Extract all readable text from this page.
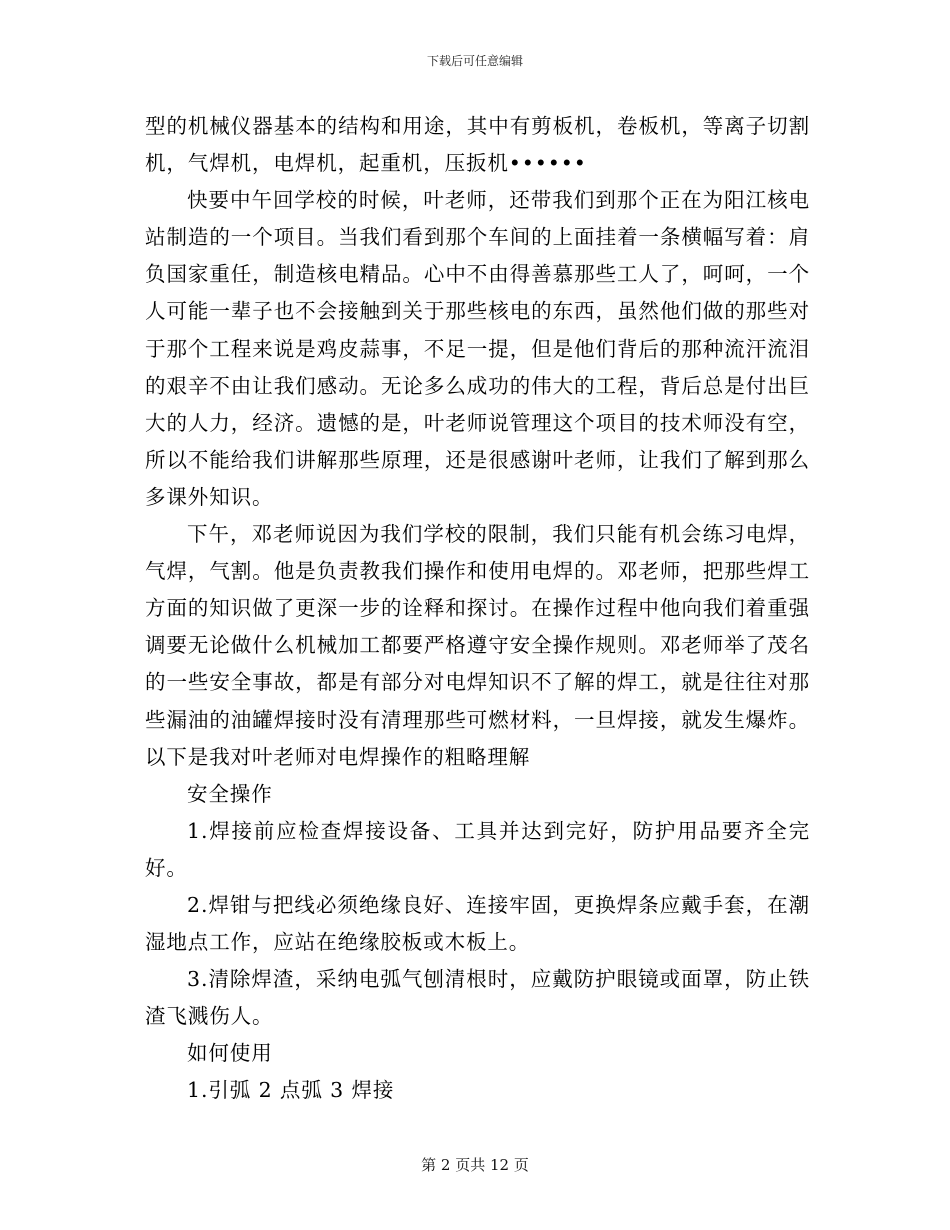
下载后可任意编辑

型的机械仪器基本的结构和用途，其中有剪板机，卷板机，等离子切割机，气焊机，电焊机，起重机，压扳机••••••

快要中午回学校的时候，叶老师，还带我们到那个正在为阳江核电站制造的一个项目。当我们看到那个车间的上面挂着一条横幅写着：肩负国家重任，制造核电精品。心中不由得善慕那些工人了，呵呵，一个人可能一辈子也不会接触到关于那些核电的东西，虽然他们做的那些对于那个工程来说是鸡皮蒜事，不足一提，但是他们背后的那种流汗流泪的艰辛不由让我们感动。无论多么成功的伟大的工程，背后总是付出巨大的人力，经济。遗憾的是，叶老师说管理这个项目的技术师没有空，所以不能给我们讲解那些原理，还是很感谢叶老师，让我们了解到那么多课外知识。

下午，邓老师说因为我们学校的限制，我们只能有机会练习电焊，气焊，气割。他是负责教我们操作和使用电焊的。邓老师，把那些焊工方面的知识做了更深一步的诠释和探讨。在操作过程中他向我们着重强调要无论做什么机械加工都要严格遵守安全操作规则。邓老师举了茂名的一些安全事故，都是有部分对电焊知识不了解的焊工，就是往往对那些漏油的油罐焊接时没有清理那些可燃材料，一旦焊接，就发生爆炸。以下是我对叶老师对电焊操作的粗略理解

安全操作

1.焊接前应检查焊接设备、工具并达到完好，防护用品要齐全完好。

2.焊钳与把线必须绝缘良好、连接牢固，更换焊条应戴手套，在潮湿地点工作，应站在绝缘胶板或木板上。

3.清除焊渣，采纳电弧气刨清根时，应戴防护眼镜或面罩，防止铁渣飞溅伤人。

如何使用

1.引弧 2 点弧 3 焊接

第 2 页共 12 页
